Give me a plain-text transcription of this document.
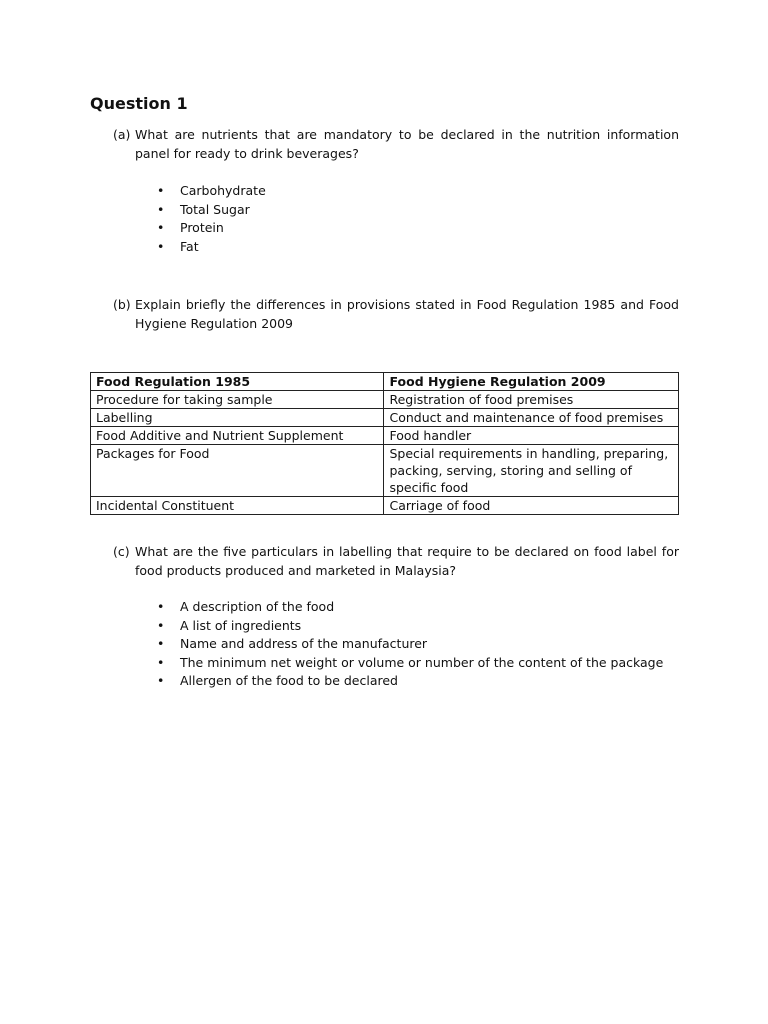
Question 1

(a) What are nutrients that are mandatory to be declared in the nutrition information panel for ready to drink beverages?

• Carbohydrate
• Total Sugar
• Protein
• Fat

(b) Explain briefly the differences in provisions stated in Food Regulation 1985 and Food Hygiene Regulation 2009

Food Regulation 1985	Food Hygiene Regulation 2009
Procedure for taking sample	Registration of food premises
Labelling	Conduct and maintenance of food premises
Food Additive and Nutrient Supplement	Food handler
Packages for Food	Special requirements in handling, preparing, packing, serving, storing and selling of specific food
Incidental Constituent	Carriage of food

(c) What are the five particulars in labelling that require to be declared on food label for food products produced and marketed in Malaysia?

• A description of the food
• A list of ingredients
• Name and address of the manufacturer
• The minimum net weight or volume or number of the content of the package
• Allergen of the food to be declared
